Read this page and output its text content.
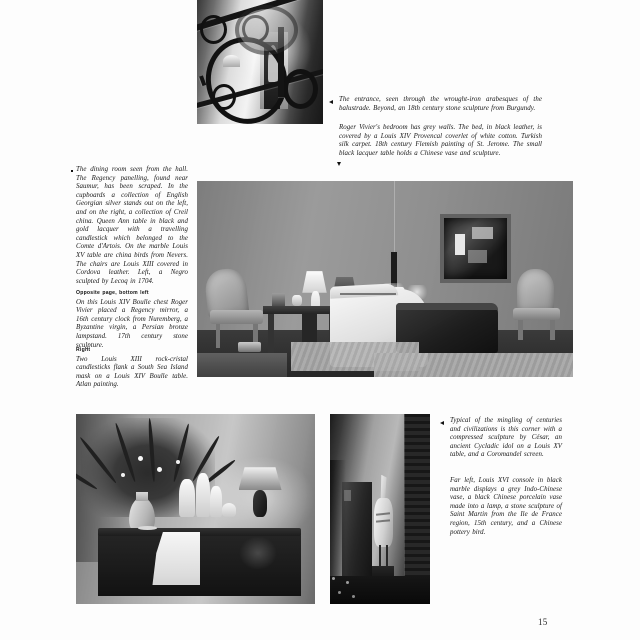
The entrance, seen through the wrought-iron arabesques of the balustrade. Beyond, an 18th century stone sculpture from Burgundy.

Roger Vivier's bedroom has grey walls. The bed, in black leather, is covered by a Louis XIV Provencal coverlet of white cotton. Turkish silk carpet. 18th century Flemish painting of St. Jerome. The small black lacquer table holds a Chinese vase and sculpture.

The dining room seen from the hall. The Regency panelling, found near Saumur, has been scraped. In the cupboards a collection of English Georgian silver stands out on the left, and on the right, a collection of Creil china. Queen Ann table in black and gold lacquer with a travelling candlestick which belonged to the Comte d'Artois. On the marble Louis XV table are china birds from Nevers. The chairs are Louis XIII covered in Cordova leather. Left, a Negro sculpted by Lecoq in 1704.

Opposite page, bottom left

On this Louis XIV Boulle chest Roger Vivier placed a Regency mirror, a 16th century clock from Nuremberg, a Byzantine virgin, a Persian bronze lampstand. 17th century stone sculpture.

Right

Two Louis XIII rock-cristal candlesticks flank a South Sea Island mask on a Louis XIV Boulle table. Atlan painting.

Typical of the mingling of centuries and civilizations is this corner with a compressed sculpture by César, an ancient Cycladic idol on a Louis XV table, and a Coromandel screen.

Far left, Louis XVI console in black marble displays a grey Indo-Chinese vase, a black Chinese porcelain vase made into a lamp, a stone sculpture of Saint Martin from the Ile de France region, 15th century, and a Chinese pottery bird.

15
